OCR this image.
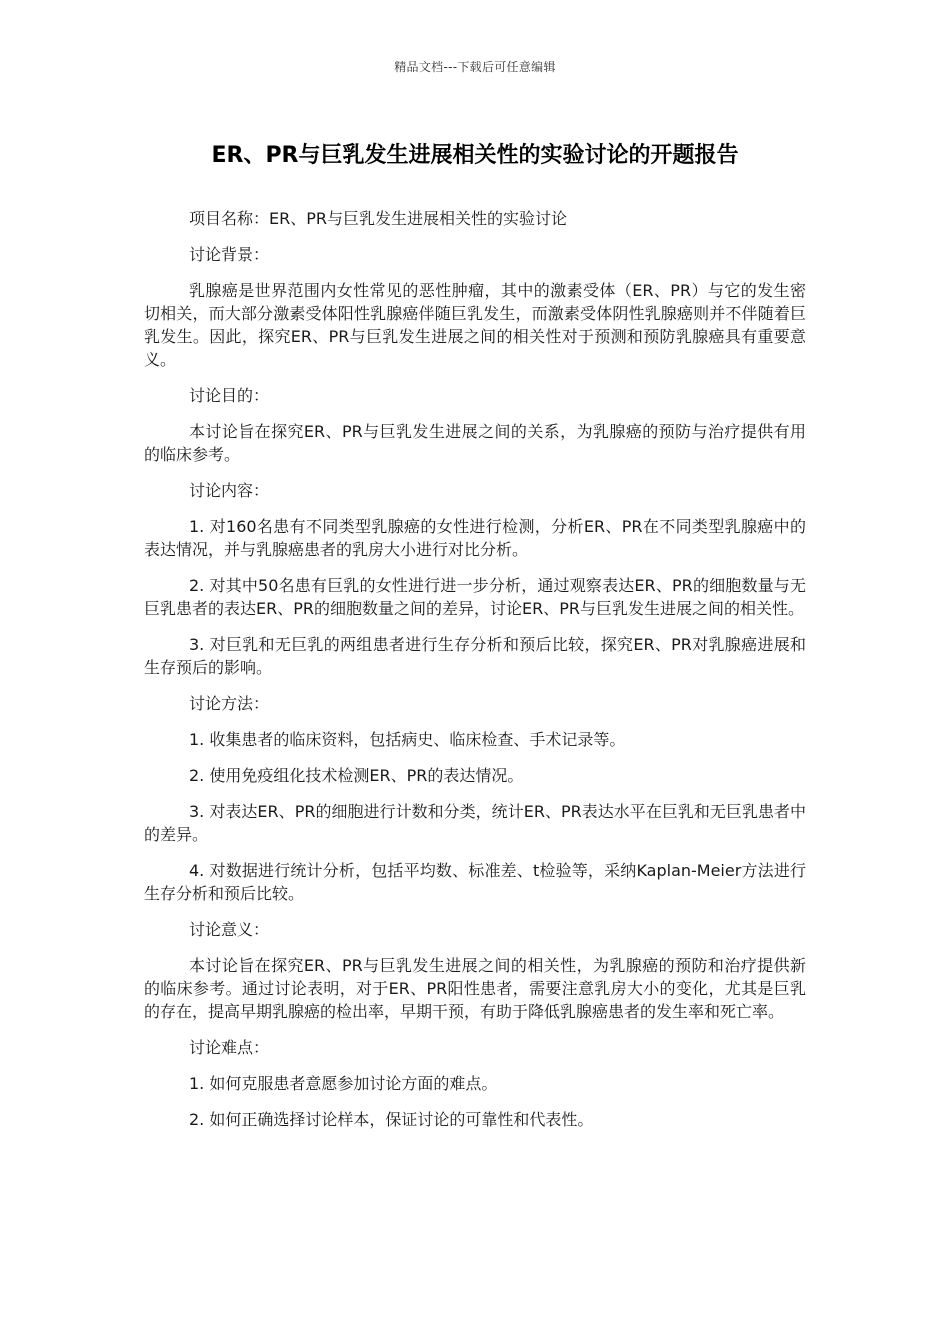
精品文档---下载后可任意编辑
ER、PR与巨乳发生进展相关性的实验讨论的开题报告

项目名称：ER、PR与巨乳发生进展相关性的实验讨论

讨论背景：

乳腺癌是世界范围内女性常见的恶性肿瘤，其中的激素受体（ER、PR）与它的发生密切相关，而大部分激素受体阳性乳腺癌伴随巨乳发生，而激素受体阴性乳腺癌则并不伴随着巨乳发生。因此，探究ER、PR与巨乳发生进展之间的相关性对于预测和预防乳腺癌具有重要意义。

讨论目的：

本讨论旨在探究ER、PR与巨乳发生进展之间的关系，为乳腺癌的预防与治疗提供有用的临床参考。

讨论内容：

1. 对160名患有不同类型乳腺癌的女性进行检测，分析ER、PR在不同类型乳腺癌中的表达情况，并与乳腺癌患者的乳房大小进行对比分析。

2. 对其中50名患有巨乳的女性进行进一步分析，通过观察表达ER、PR的细胞数量与无巨乳患者的表达ER、PR的细胞数量之间的差异，讨论ER、PR与巨乳发生进展之间的相关性。

3. 对巨乳和无巨乳的两组患者进行生存分析和预后比较，探究ER、PR对乳腺癌进展和生存预后的影响。

讨论方法：

1. 收集患者的临床资料，包括病史、临床检查、手术记录等。

2. 使用免疫组化技术检测ER、PR的表达情况。

3. 对表达ER、PR的细胞进行计数和分类，统计ER、PR表达水平在巨乳和无巨乳患者中的差异。

4. 对数据进行统计分析，包括平均数、标准差、t检验等，采纳Kaplan-Meier方法进行生存分析和预后比较。

讨论意义：

本讨论旨在探究ER、PR与巨乳发生进展之间的相关性，为乳腺癌的预防和治疗提供新的临床参考。通过讨论表明，对于ER、PR阳性患者，需要注意乳房大小的变化，尤其是巨乳的存在，提高早期乳腺癌的检出率，早期干预，有助于降低乳腺癌患者的发生率和死亡率。

讨论难点：

1. 如何克服患者意愿参加讨论方面的难点。

2. 如何正确选择讨论样本，保证讨论的可靠性和代表性。
